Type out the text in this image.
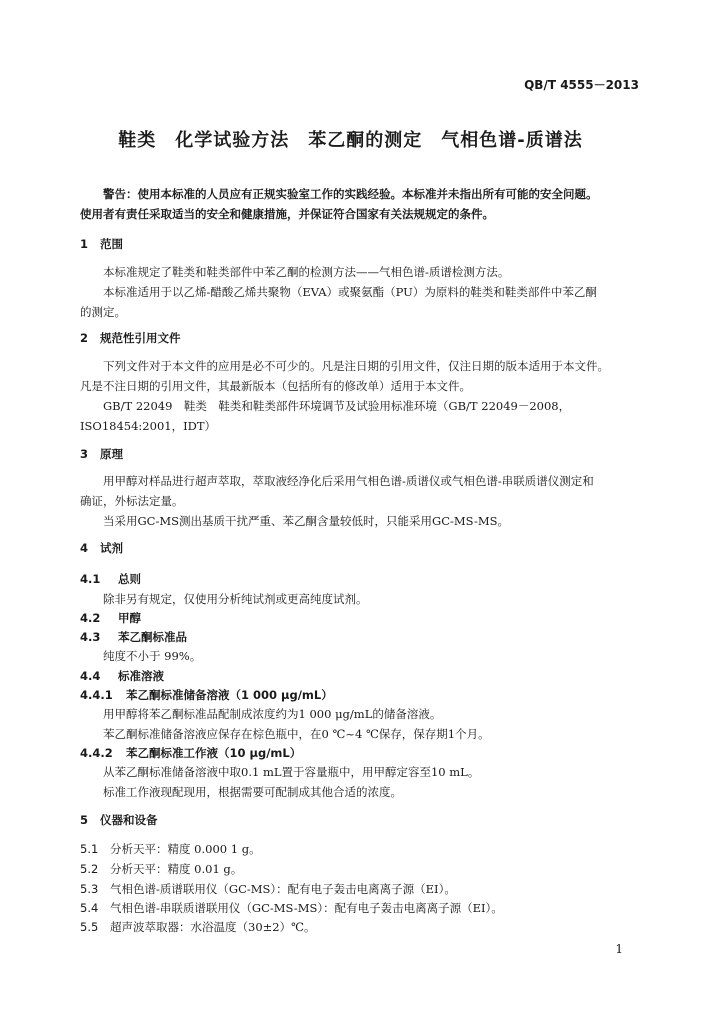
QB/T 4555－2013
鞋类　化学试验方法　苯乙酮的测定　气相色谱-质谱法
警告：使用本标准的人员应有正规实验室工作的实践经验。本标准并未指出所有可能的安全问题。
使用者有责任采取适当的安全和健康措施，并保证符合国家有关法规规定的条件。
1 范围
本标准规定了鞋类和鞋类部件中苯乙酮的检测方法——气相色谱-质谱检测方法。
本标准适用于以乙烯-醋酸乙烯共聚物（EVA）或聚氨酯（PU）为原料的鞋类和鞋类部件中苯乙酮
的测定。
2 规范性引用文件
下列文件对于本文件的应用是必不可少的。凡是注日期的引用文件，仅注日期的版本适用于本文件。
凡是不注日期的引用文件，其最新版本（包括所有的修改单）适用于本文件。
GB/T 22049　鞋类　鞋类和鞋类部件环境调节及试验用标准环境（GB/T 22049－2008，
ISO18454:2001，IDT）
3 原理
用甲醇对样品进行超声萃取，萃取液经净化后采用气相色谱-质谱仪或气相色谱-串联质谱仪测定和
确证，外标法定量。
当采用GC-MS测出基质干扰严重、苯乙酮含量较低时，只能采用GC-MS-MS。
4 试剂
4.1 总则
除非另有规定，仅使用分析纯试剂或更高纯度试剂。
4.2 甲醇
4.3 苯乙酮标准品
纯度不小于 99%。
4.4 标准溶液
4.4.1 苯乙酮标准储备溶液（1 000 μg/mL）
用甲醇将苯乙酮标准品配制成浓度约为1 000 μg/mL的储备溶液。
苯乙酮标准储备溶液应保存在棕色瓶中，在0 ℃~4 ℃保存，保存期1个月。
4.4.2 苯乙酮标准工作液（10 μg/mL）
从苯乙酮标准储备溶液中取0.1 mL置于容量瓶中，用甲醇定容至10 mL。
标准工作液现配现用，根据需要可配制成其他合适的浓度。
5 仪器和设备
5.1 分析天平：精度 0.000 1 g。
5.2 分析天平：精度 0.01 g。
5.3 气相色谱-质谱联用仪（GC-MS）：配有电子轰击电离离子源（EI）。
5.4 气相色谱-串联质谱联用仪（GC-MS-MS）：配有电子轰击电离离子源（EI）。
5.5 超声波萃取器：水浴温度（30±2）℃。
1
